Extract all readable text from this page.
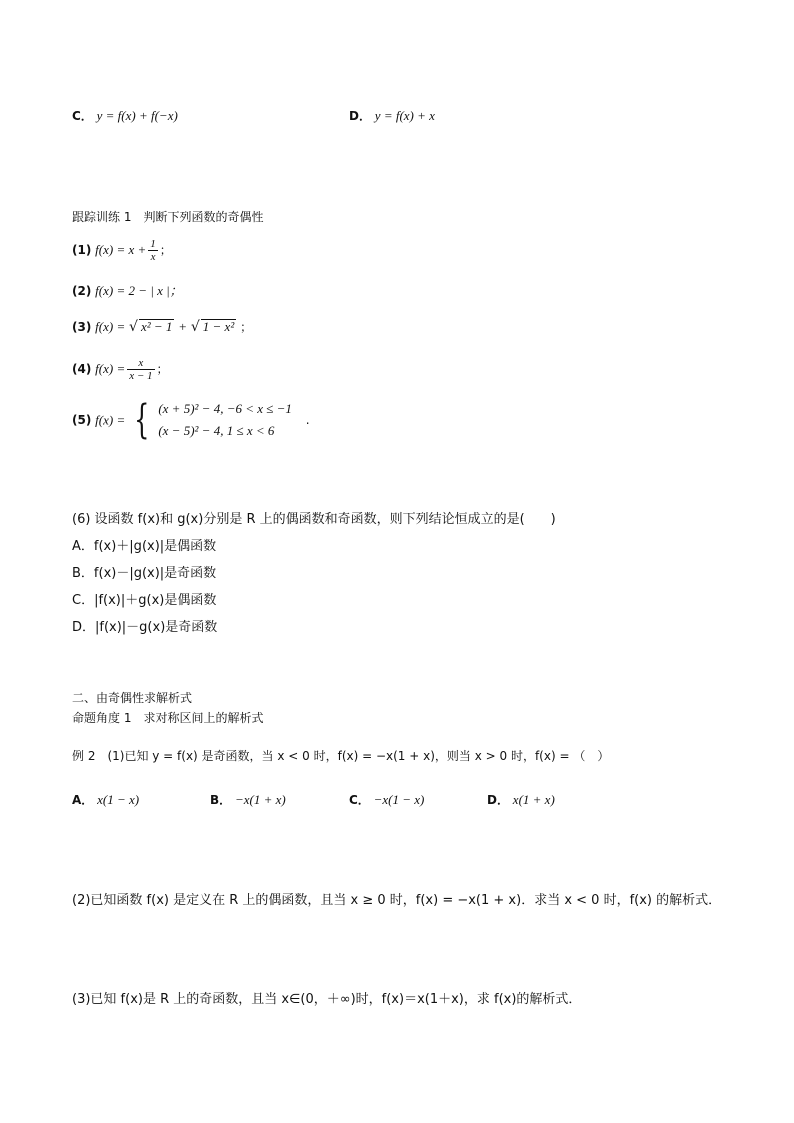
C． y = f(x) + f(−x)	D． y = f(x) + x
跟踪训练 1　判断下列函数的奇偶性
(1) $f(x) = x + \frac{1}{x}$ ；
(2) f(x) = 2 − | x |；
(3) f(x) = √ x² − 1 + √ 1 − x² ；
(4) $f(x) = \frac{x}{x - 1}$ ；
(5) f(x) = { (x + 5)² − 4, −6 < x ≤ −1
(x − 5)² − 4, 1 ≤ x < 6
.
(6) 设函数 f(x)和 g(x)分别是 R 上的偶函数和奇函数，则下列结论恒成立的是(　　)
A．f(x)＋|g(x)|是偶函数
B．f(x)－|g(x)|是奇函数
C．|f(x)|＋g(x)是偶函数
D．|f(x)|－g(x)是奇函数
二、由奇偶性求解析式
命题角度 1　求对称区间上的解析式
例 2　(1)已知 y = f(x) 是奇函数，当 x < 0 时，f(x) = −x(1 + x)，则当 x > 0 时，f(x) = （　）
A． x(1 − x)	B． −x(1 + x)	C． −x(1 − x)	D． x(1 + x)
(2)已知函数 f(x) 是定义在 R 上的偶函数，且当 x ≥ 0 时，f(x) = −x(1 + x)．求当 x < 0 时，f(x) 的解析式．
(3)已知 f(x)是 R 上的奇函数，且当 x∈(0，＋∞)时，f(x)＝x(1＋x)，求 f(x)的解析式．
